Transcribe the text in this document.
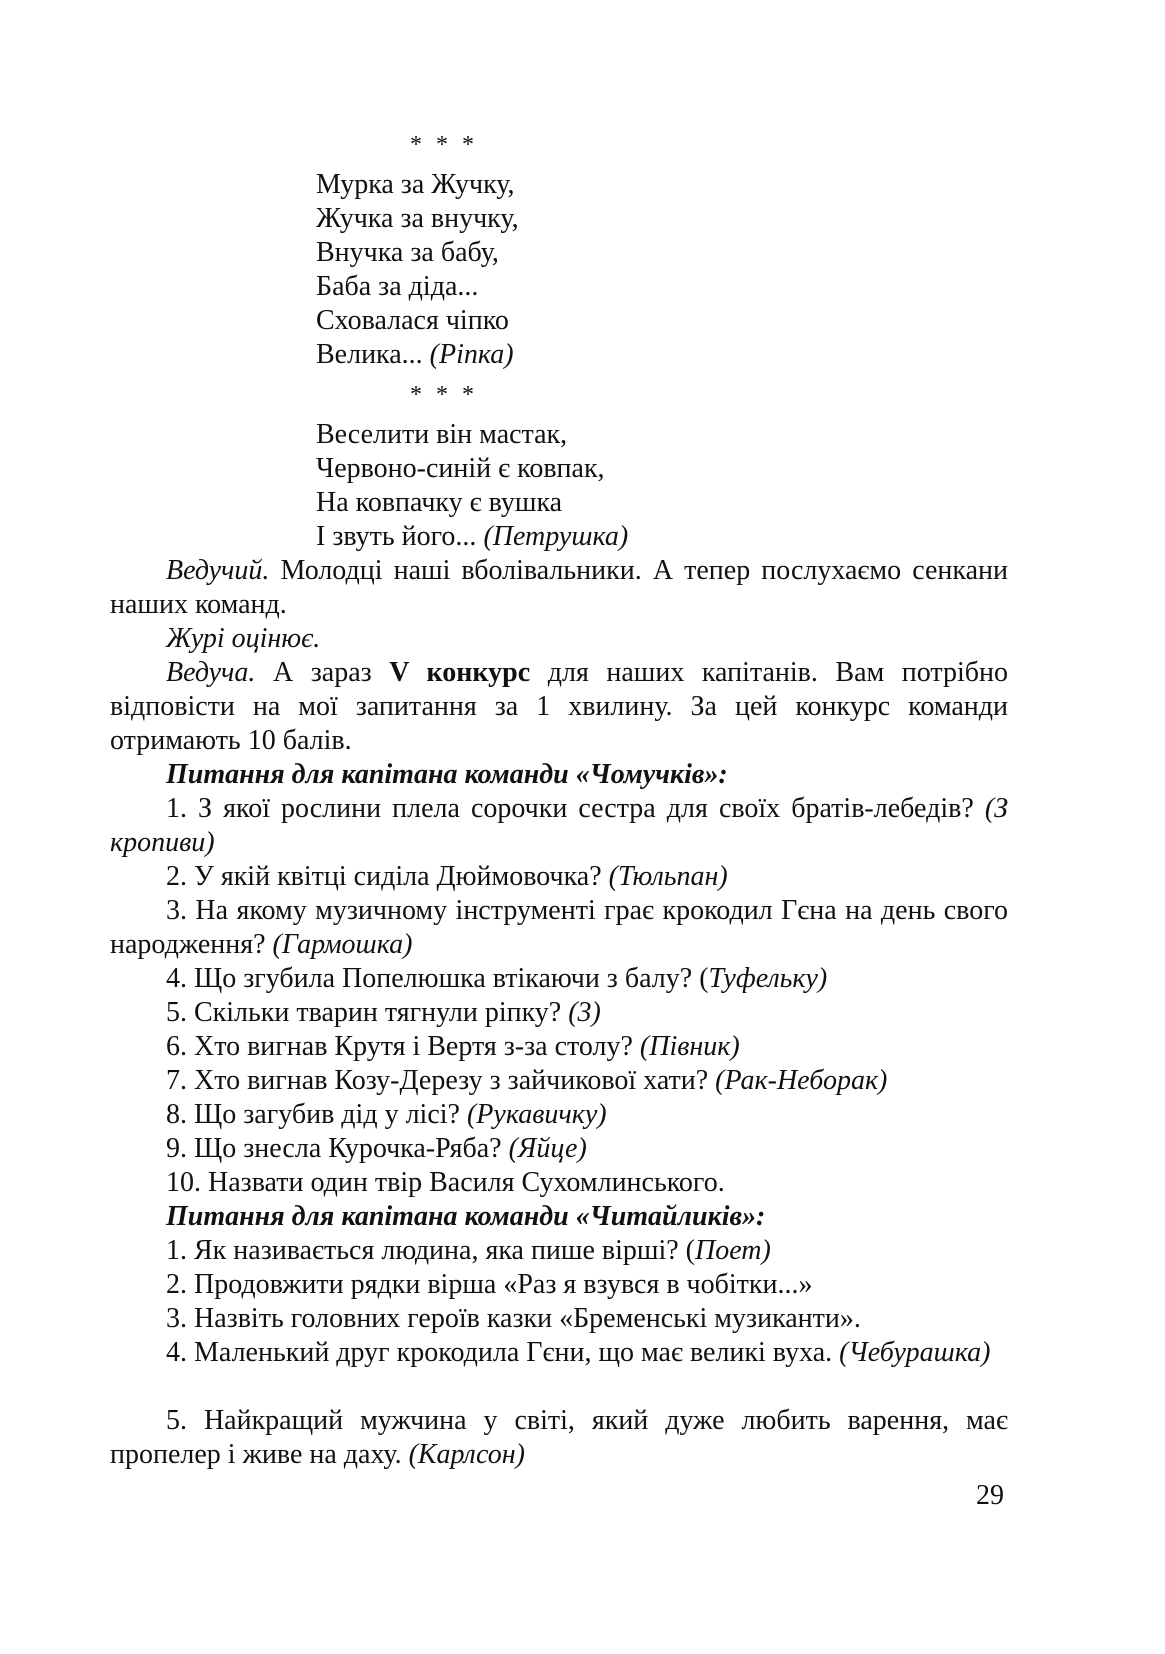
* * *
Мурка за Жучку,
Жучка за внучку,
Внучка за бабу,
Баба за діда...
Сховалася чіпко
Велика... (Ріпка)
* * *
Веселити він мастак,
Червоно-синій є ковпак,
На ковпачку є вушка
І звуть його... (Петрушка)

Ведучий. Молодці наші вболівальники. А тепер послухаємо сенкани наших команд.

Журі оцінює.

Ведуча. А зараз V конкурс для наших капітанів. Вам потрібно відповісти на мої запитання за 1 хвилину. За цей конкурс команди отримають 10 балів.

Питання для капітана команди «Чомучків»:

1. З якої рослини плела сорочки сестра для своїх братів-лебедів? (З кропиви)

2. У якій квітці сиділа Дюймовочка? (Тюльпан)

3. На якому музичному інструменті грає крокодил Гєна на день свого народження? (Гармошка)

4. Що згубила Попелюшка втікаючи з балу? (Туфельку)

5. Скільки тварин тягнули ріпку? (3)

6. Хто вигнав Крутя і Вертя з-за столу? (Півник)

7. Хто вигнав Козу-Дерезу з зайчикової хати? (Рак-Неборак)

8. Що загубив дід у лісі? (Рукавичку)

9. Що знесла Курочка-Ряба? (Яйце)

10. Назвати один твір Василя Сухомлинського.

Питання для капітана команди «Читайликів»:

1. Як називається людина, яка пише вірші? (Поет)

2. Продовжити рядки вірша «Раз я взувся в чобітки...»

3. Назвіть головних героїв казки «Бременські музиканти».

4. Маленький друг крокодила Гєни, що має великі вуха. (Чебурашка)

5. Найкращий мужчина у світі, який дуже любить варення, має пропелер і живе на даху. (Карлсон)

29
